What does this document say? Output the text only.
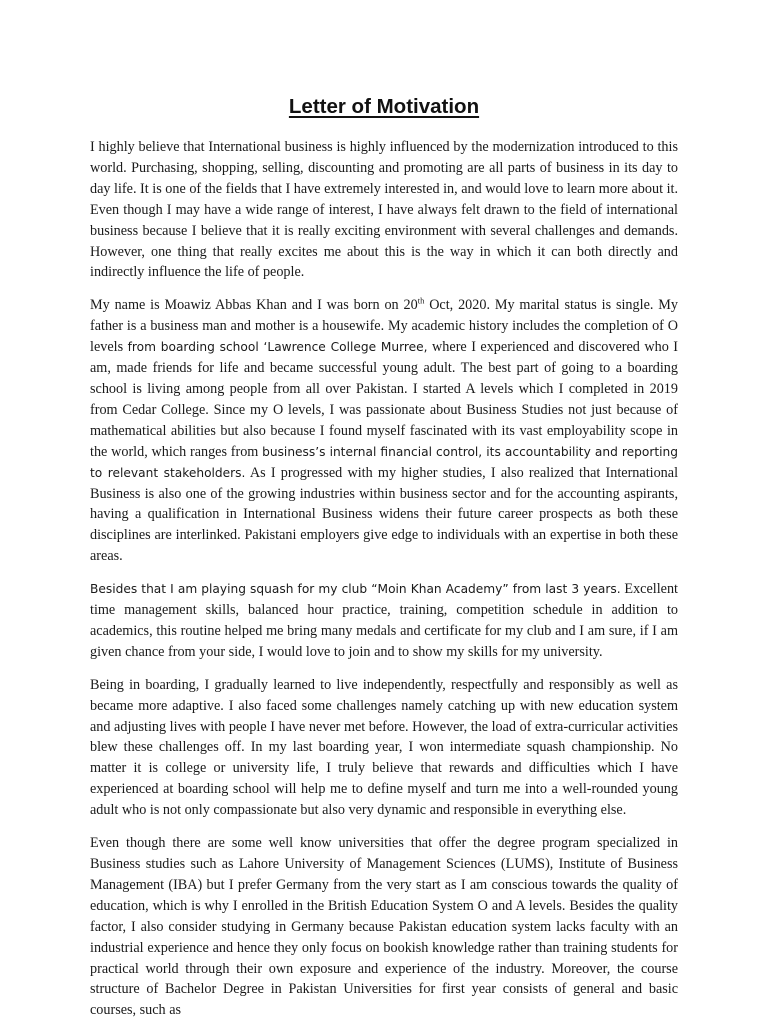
Letter of Motivation

I highly believe that International business is highly influenced by the modernization introduced to this world. Purchasing, shopping, selling, discounting and promoting are all parts of business in its day to day life. It is one of the fields that I have extremely interested in, and would love to learn more about it. Even though I may have a wide range of interest, I have always felt drawn to the field of international business because I believe that it is really exciting environment with several challenges and demands. However, one thing that really excites me about this is the way in which it can both directly and indirectly influence the life of people.

My name is Moawiz Abbas Khan and I was born on 20th Oct, 2020. My marital status is single. My father is a business man and mother is a housewife. My academic history includes the completion of O levels from boarding school ‘Lawrence College Murree, where I experienced and discovered who I am, made friends for life and became successful young adult. The best part of going to a boarding school is living among people from all over Pakistan. I started A levels which I completed in 2019 from Cedar College. Since my O levels, I was passionate about Business Studies not just because of mathematical abilities but also because I found myself fascinated with its vast employability scope in the world, which ranges from business’s internal financial control, its accountability and reporting to relevant stakeholders. As I progressed with my higher studies, I also realized that International Business is also one of the growing industries within business sector and for the accounting aspirants, having a qualification in International Business widens their future career prospects as both these disciplines are interlinked. Pakistani employers give edge to individuals with an expertise in both these areas.

Besides that I am playing squash for my club “Moin Khan Academy” from last 3 years. Excellent time management skills, balanced hour practice, training, competition schedule in addition to academics, this routine helped me bring many medals and certificate for my club and I am sure, if I am given chance from your side, I would love to join and to show my skills for my university.

Being in boarding, I gradually learned to live independently, respectfully and responsibly as well as became more adaptive. I also faced some challenges namely catching up with new education system and adjusting lives with people I have never met before. However, the load of extra-curricular activities blew these challenges off. In my last boarding year, I won intermediate squash championship. No matter it is college or university life, I truly believe that rewards and difficulties which I have experienced at boarding school will help me to define myself and turn me into a well-rounded young adult who is not only compassionate but also very dynamic and responsible in everything else.

Even though there are some well know universities that offer the degree program specialized in Business studies such as Lahore University of Management Sciences (LUMS), Institute of Business Management (IBA) but I prefer Germany from the very start as I am conscious towards the quality of education, which is why I enrolled in the British Education System O and A levels. Besides the quality factor, I also consider studying in Germany because Pakistan education system lacks faculty with an industrial experience and hence they only focus on bookish knowledge rather than training students for practical world through their own exposure and experience of the industry. Moreover, the course structure of Bachelor Degree in Pakistan Universities for first year consists of general and basic courses, such as
